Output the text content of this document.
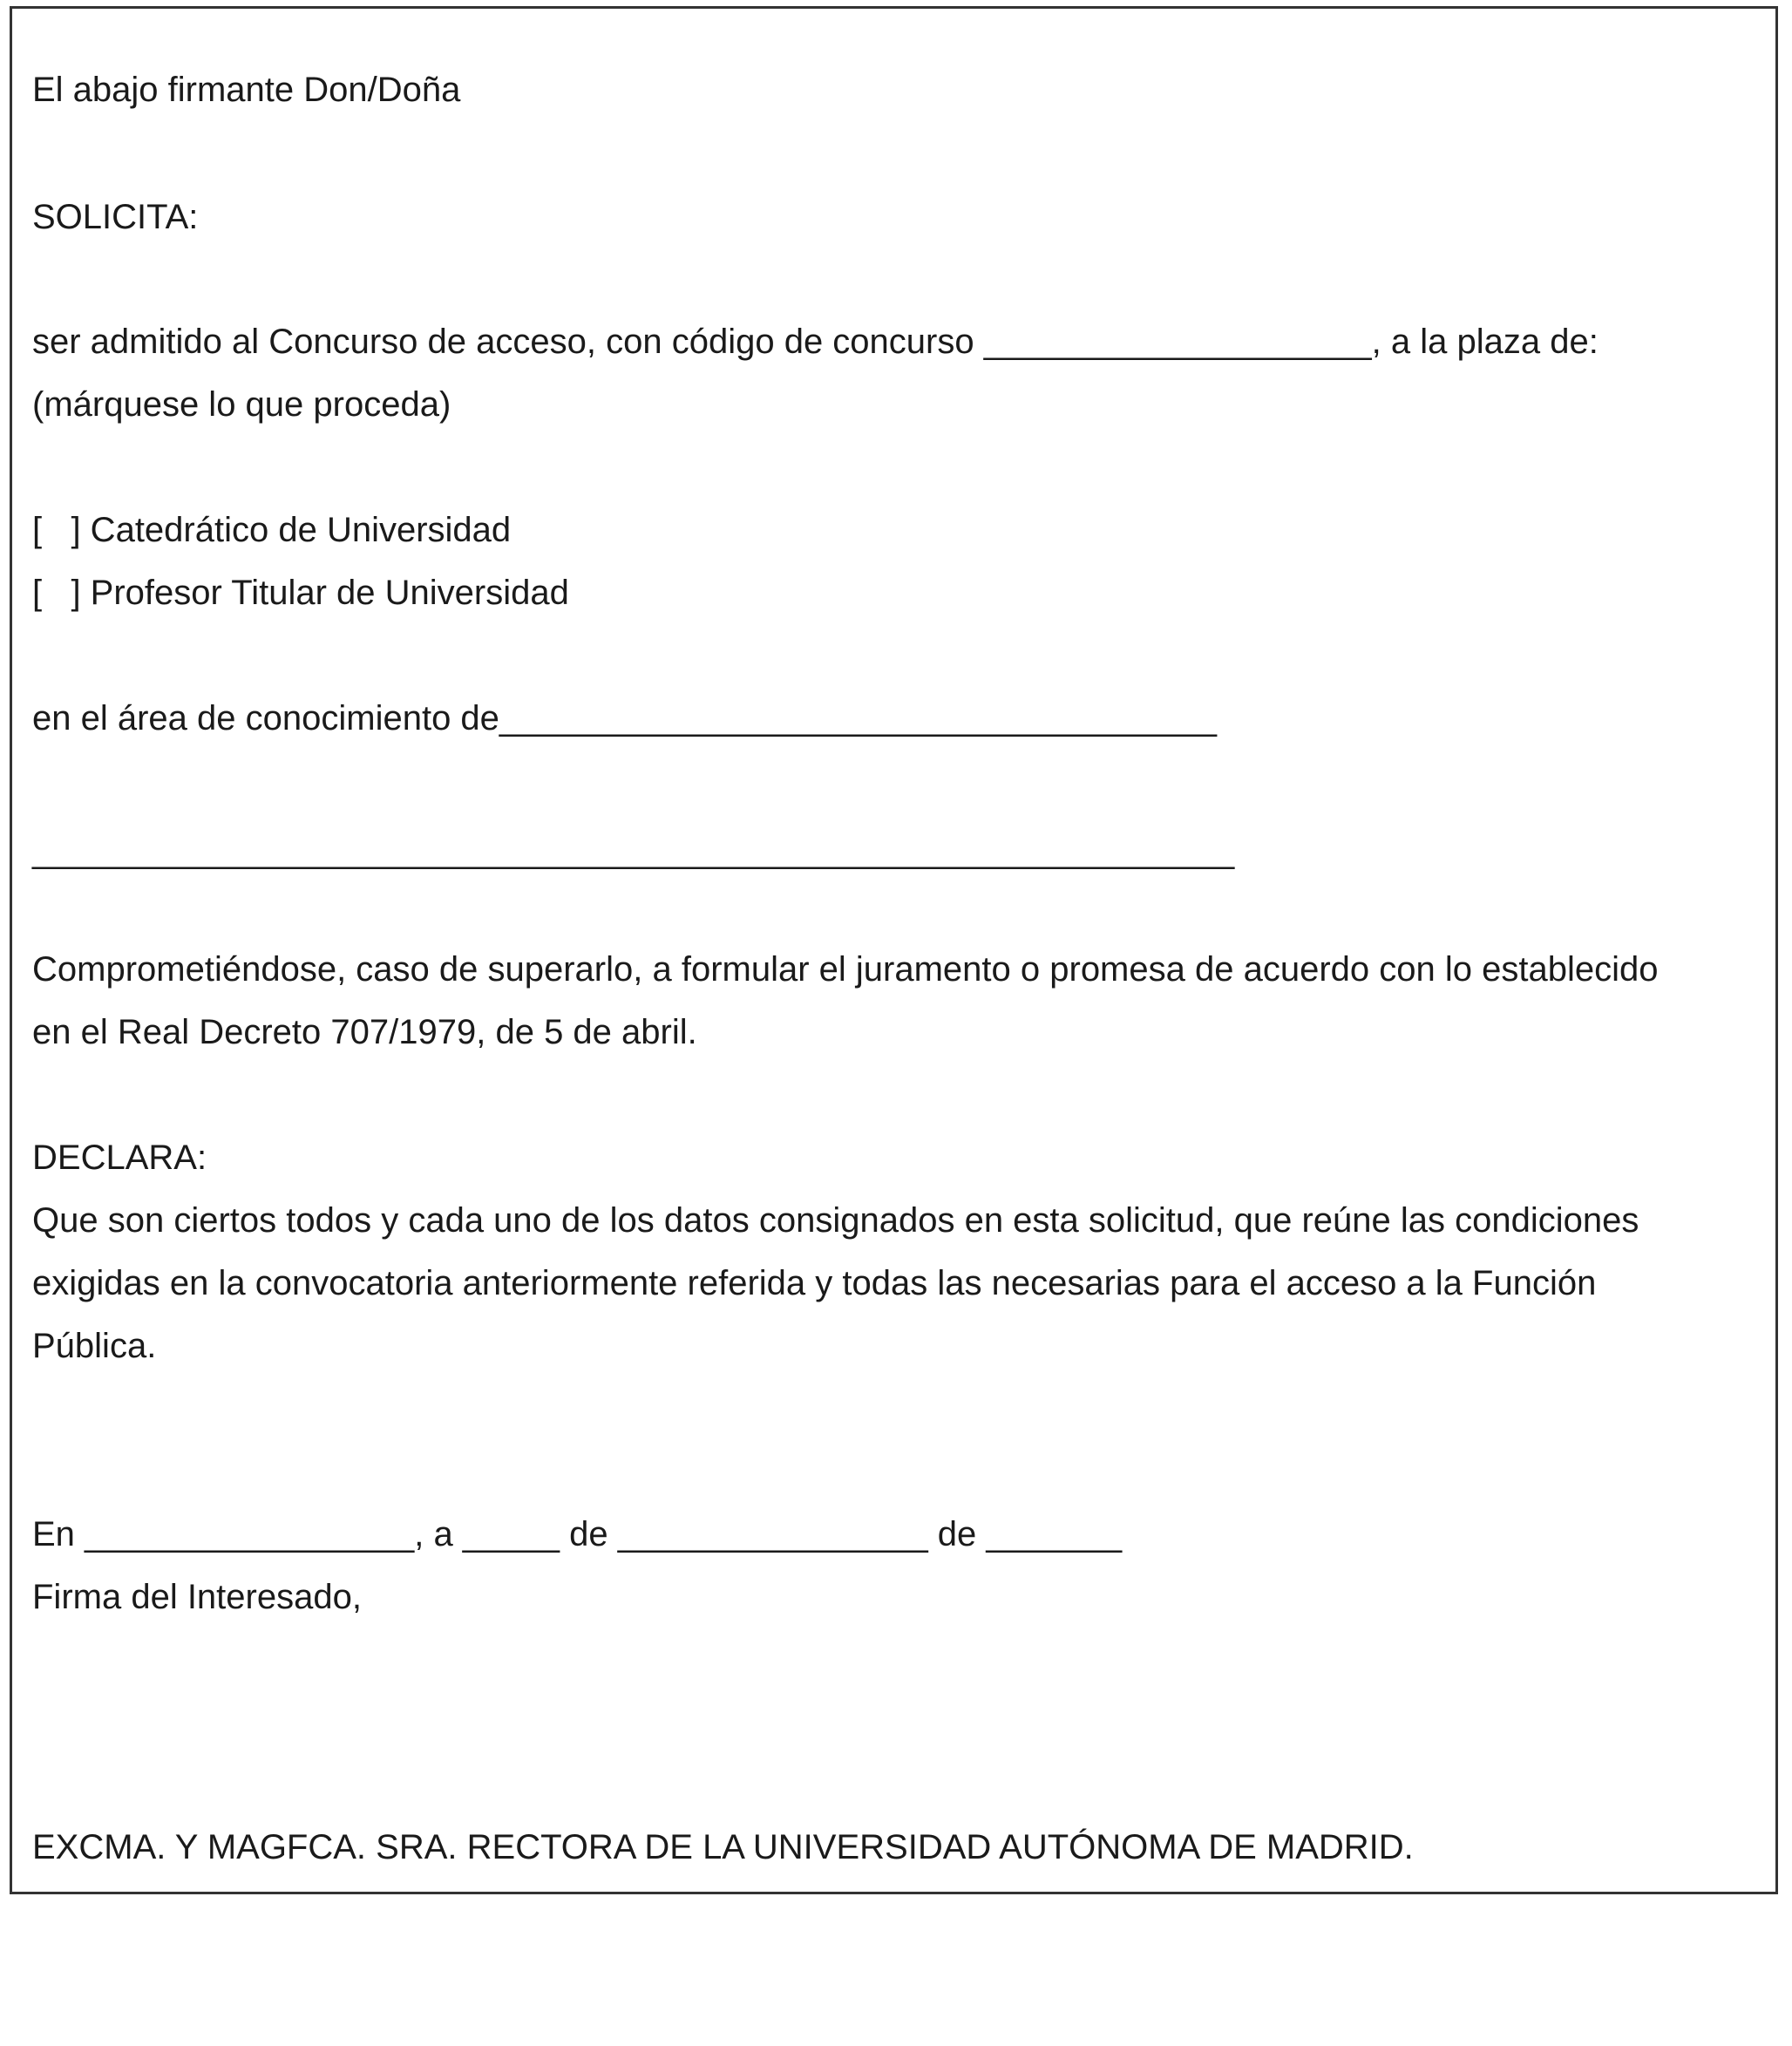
El abajo firmante Don/Doña

SOLICITA:

ser admitido al Concurso de acceso, con código de concurso ____________________, a la plaza de:

(márquese lo que proceda)

[   ] Catedrático de Universidad

[   ] Profesor Titular de Universidad

en el área de conocimiento de_____________________________________

______________________________________________________________

Comprometiéndose, caso de superarlo, a formular el juramento o promesa de acuerdo con lo establecido

en el Real Decreto 707/1979, de 5 de abril.

DECLARA:

Que son ciertos todos y cada uno de los datos consignados en esta solicitud, que reúne las condiciones

exigidas en la convocatoria anteriormente referida y todas las necesarias para el acceso a la Función

Pública.

En _________________, a _____ de ________________ de _______

Firma del Interesado,

EXCMA. Y MAGFCA. SRA. RECTORA DE LA UNIVERSIDAD AUTÓNOMA DE MADRID.
